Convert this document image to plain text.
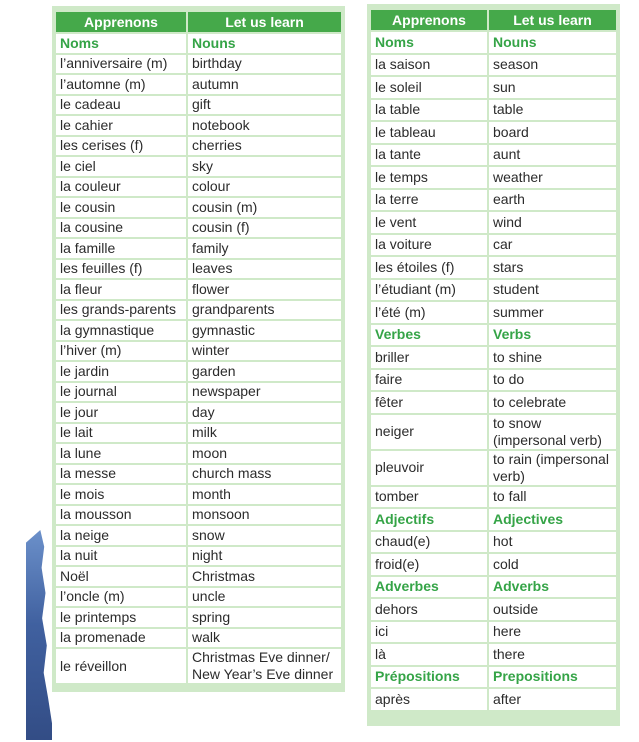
Apprenons	Let us learn
Noms	Nouns
l’anniversaire (m)	birthday
l’automne (m)	autumn
le cadeau	gift
le cahier	notebook
les cerises (f)	cherries
le ciel	sky
la couleur	colour
le cousin	cousin (m)
la cousine	cousin (f)
la famille	family
les feuilles (f)	leaves
la fleur	flower
les grands-parents	grandparents
la gymnastique	gymnastic
l’hiver (m)	winter
le jardin	garden
le journal	newspaper
le jour	day
le lait	milk
la lune	moon
la messe	church mass
le mois	month
la mousson	monsoon
la neige	snow
la nuit	night
Noël	Christmas
l’oncle (m)	uncle
le printemps	spring
la promenade	walk
le réveillon	Christmas Eve dinner/ New Year’s Eve dinner
Apprenons	Let us learn
Noms	Nouns
la saison	season
le soleil	sun
la table	table
le tableau	board
la tante	aunt
le temps	weather
la terre	earth
le vent	wind
la voiture	car
les étoiles (f)	stars
l’étudiant (m)	student
l’été (m)	summer
Verbes	Verbs
briller	to shine
faire	to do
fêter	to celebrate
neiger	to snow (impersonal verb)
pleuvoir	to rain (impersonal verb)
tomber	to fall
Adjectifs	Adjectives
chaud(e)	hot
froid(e)	cold
Adverbes	Adverbs
dehors	outside
ici	here
là	there
Prépositions	Prepositions
après	after
